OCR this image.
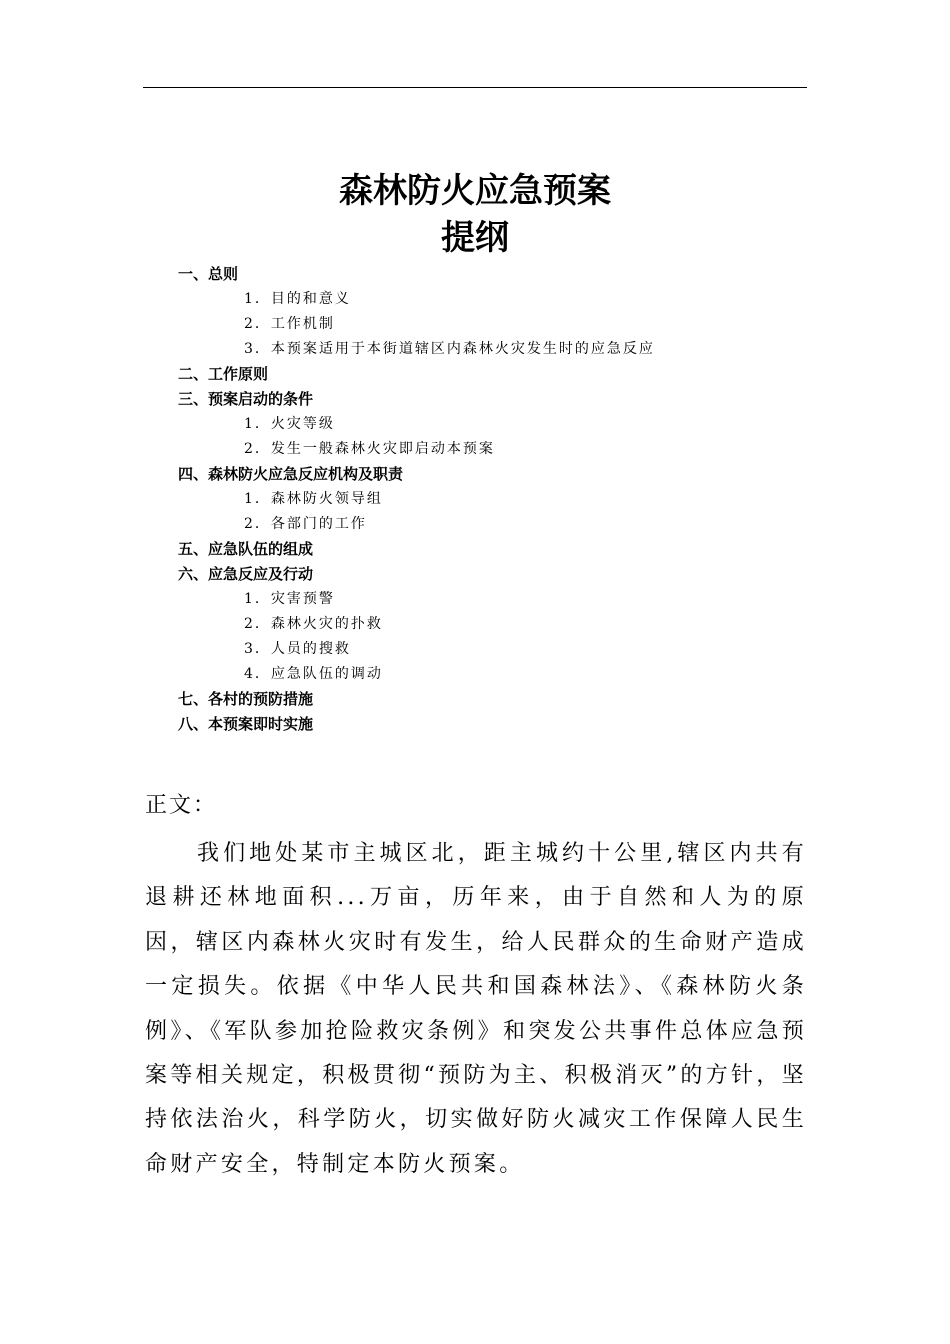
森林防火应急预案
提纲
一、总则
1．目的和意义
2．工作机制
3．本预案适用于本街道辖区内森林火灾发生时的应急反应
二、工作原则
三、预案启动的条件
1．火灾等级
2．发生一般森林火灾即启动本预案
四、森林防火应急反应机构及职责
1．森林防火领导组
2．各部门的工作
五、应急队伍的组成
六、应急反应及行动
1．灾害预警
2．森林火灾的扑救
3．人员的搜救
4．应急队伍的调动
七、各村的预防措施
八、本预案即时实施
正文：

我们地处某市主城区北，距主城约十公里,辖区内共有退耕还林地面积...万亩，历年来，由于自然和人为的原因，辖区内森林火灾时有发生，给人民群众的生命财产造成一定损失。依据《中华人民共和国森林法》、《森林防火条例》、《军队参加抢险救灾条例》和突发公共事件总体应急预案等相关规定，积极贯彻“预防为主、积极消灭”的方针，坚持依法治火，科学防火，切实做好防火减灾工作保障人民生命财产安全，特制定本防火预案。
